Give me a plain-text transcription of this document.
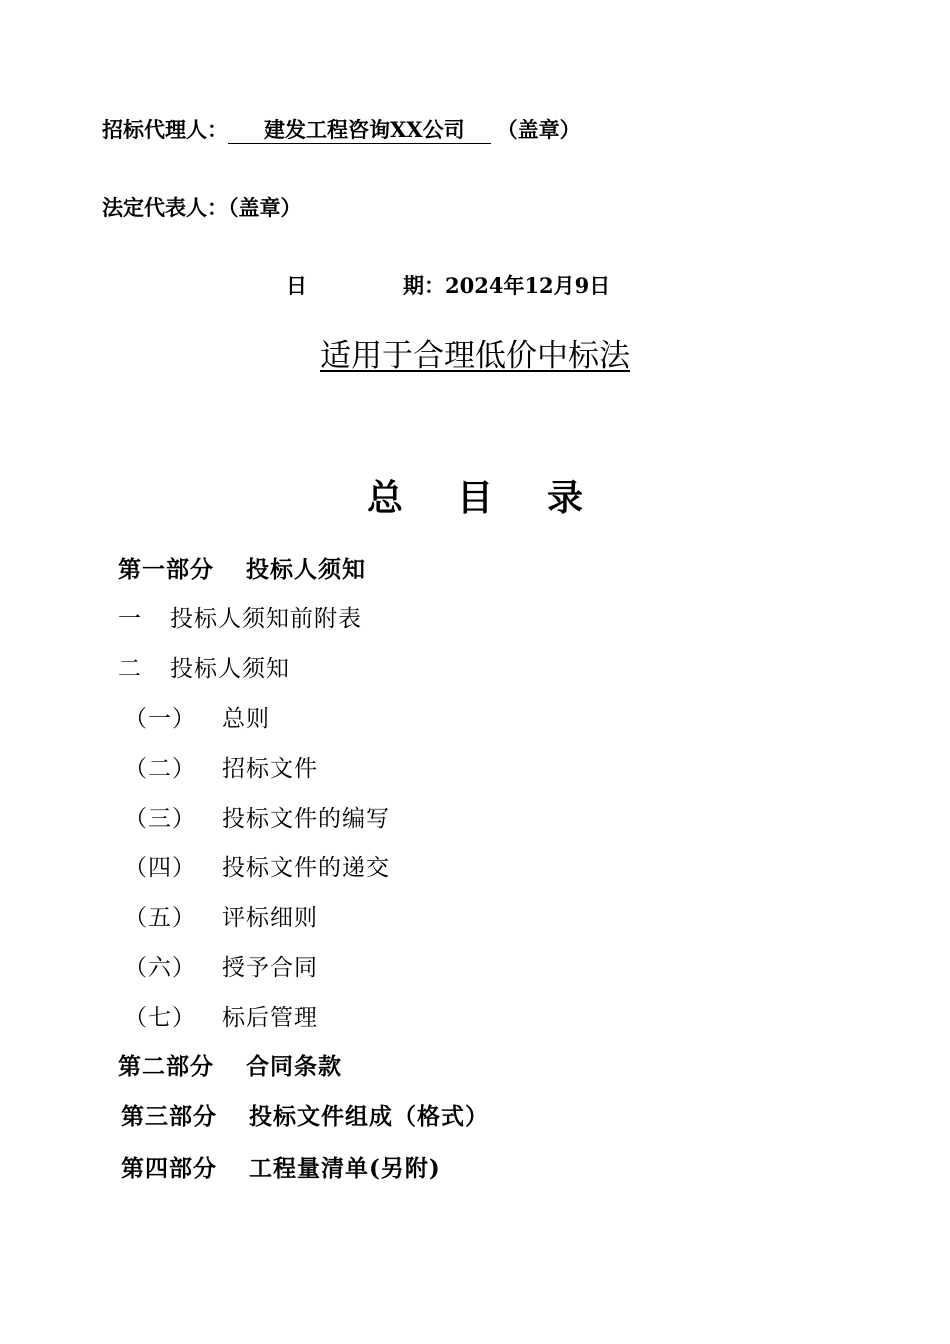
招标代理人： 建发工程咨询XX公司 （盖章）
法定代表人：（盖章）
日	期：2024年12月9日
适用于合理低价中标法
总目录
第一部分 投标人须知
一 投标人须知前附表
二 投标人须知
（一） 总则
（二） 招标文件
（三） 投标文件的编写
（四） 投标文件的递交
（五） 评标细则
（六） 授予合同
（七） 标后管理
第二部分 合同条款
第三部分 投标文件组成（格式）
第四部分 工程量清单(另附)
